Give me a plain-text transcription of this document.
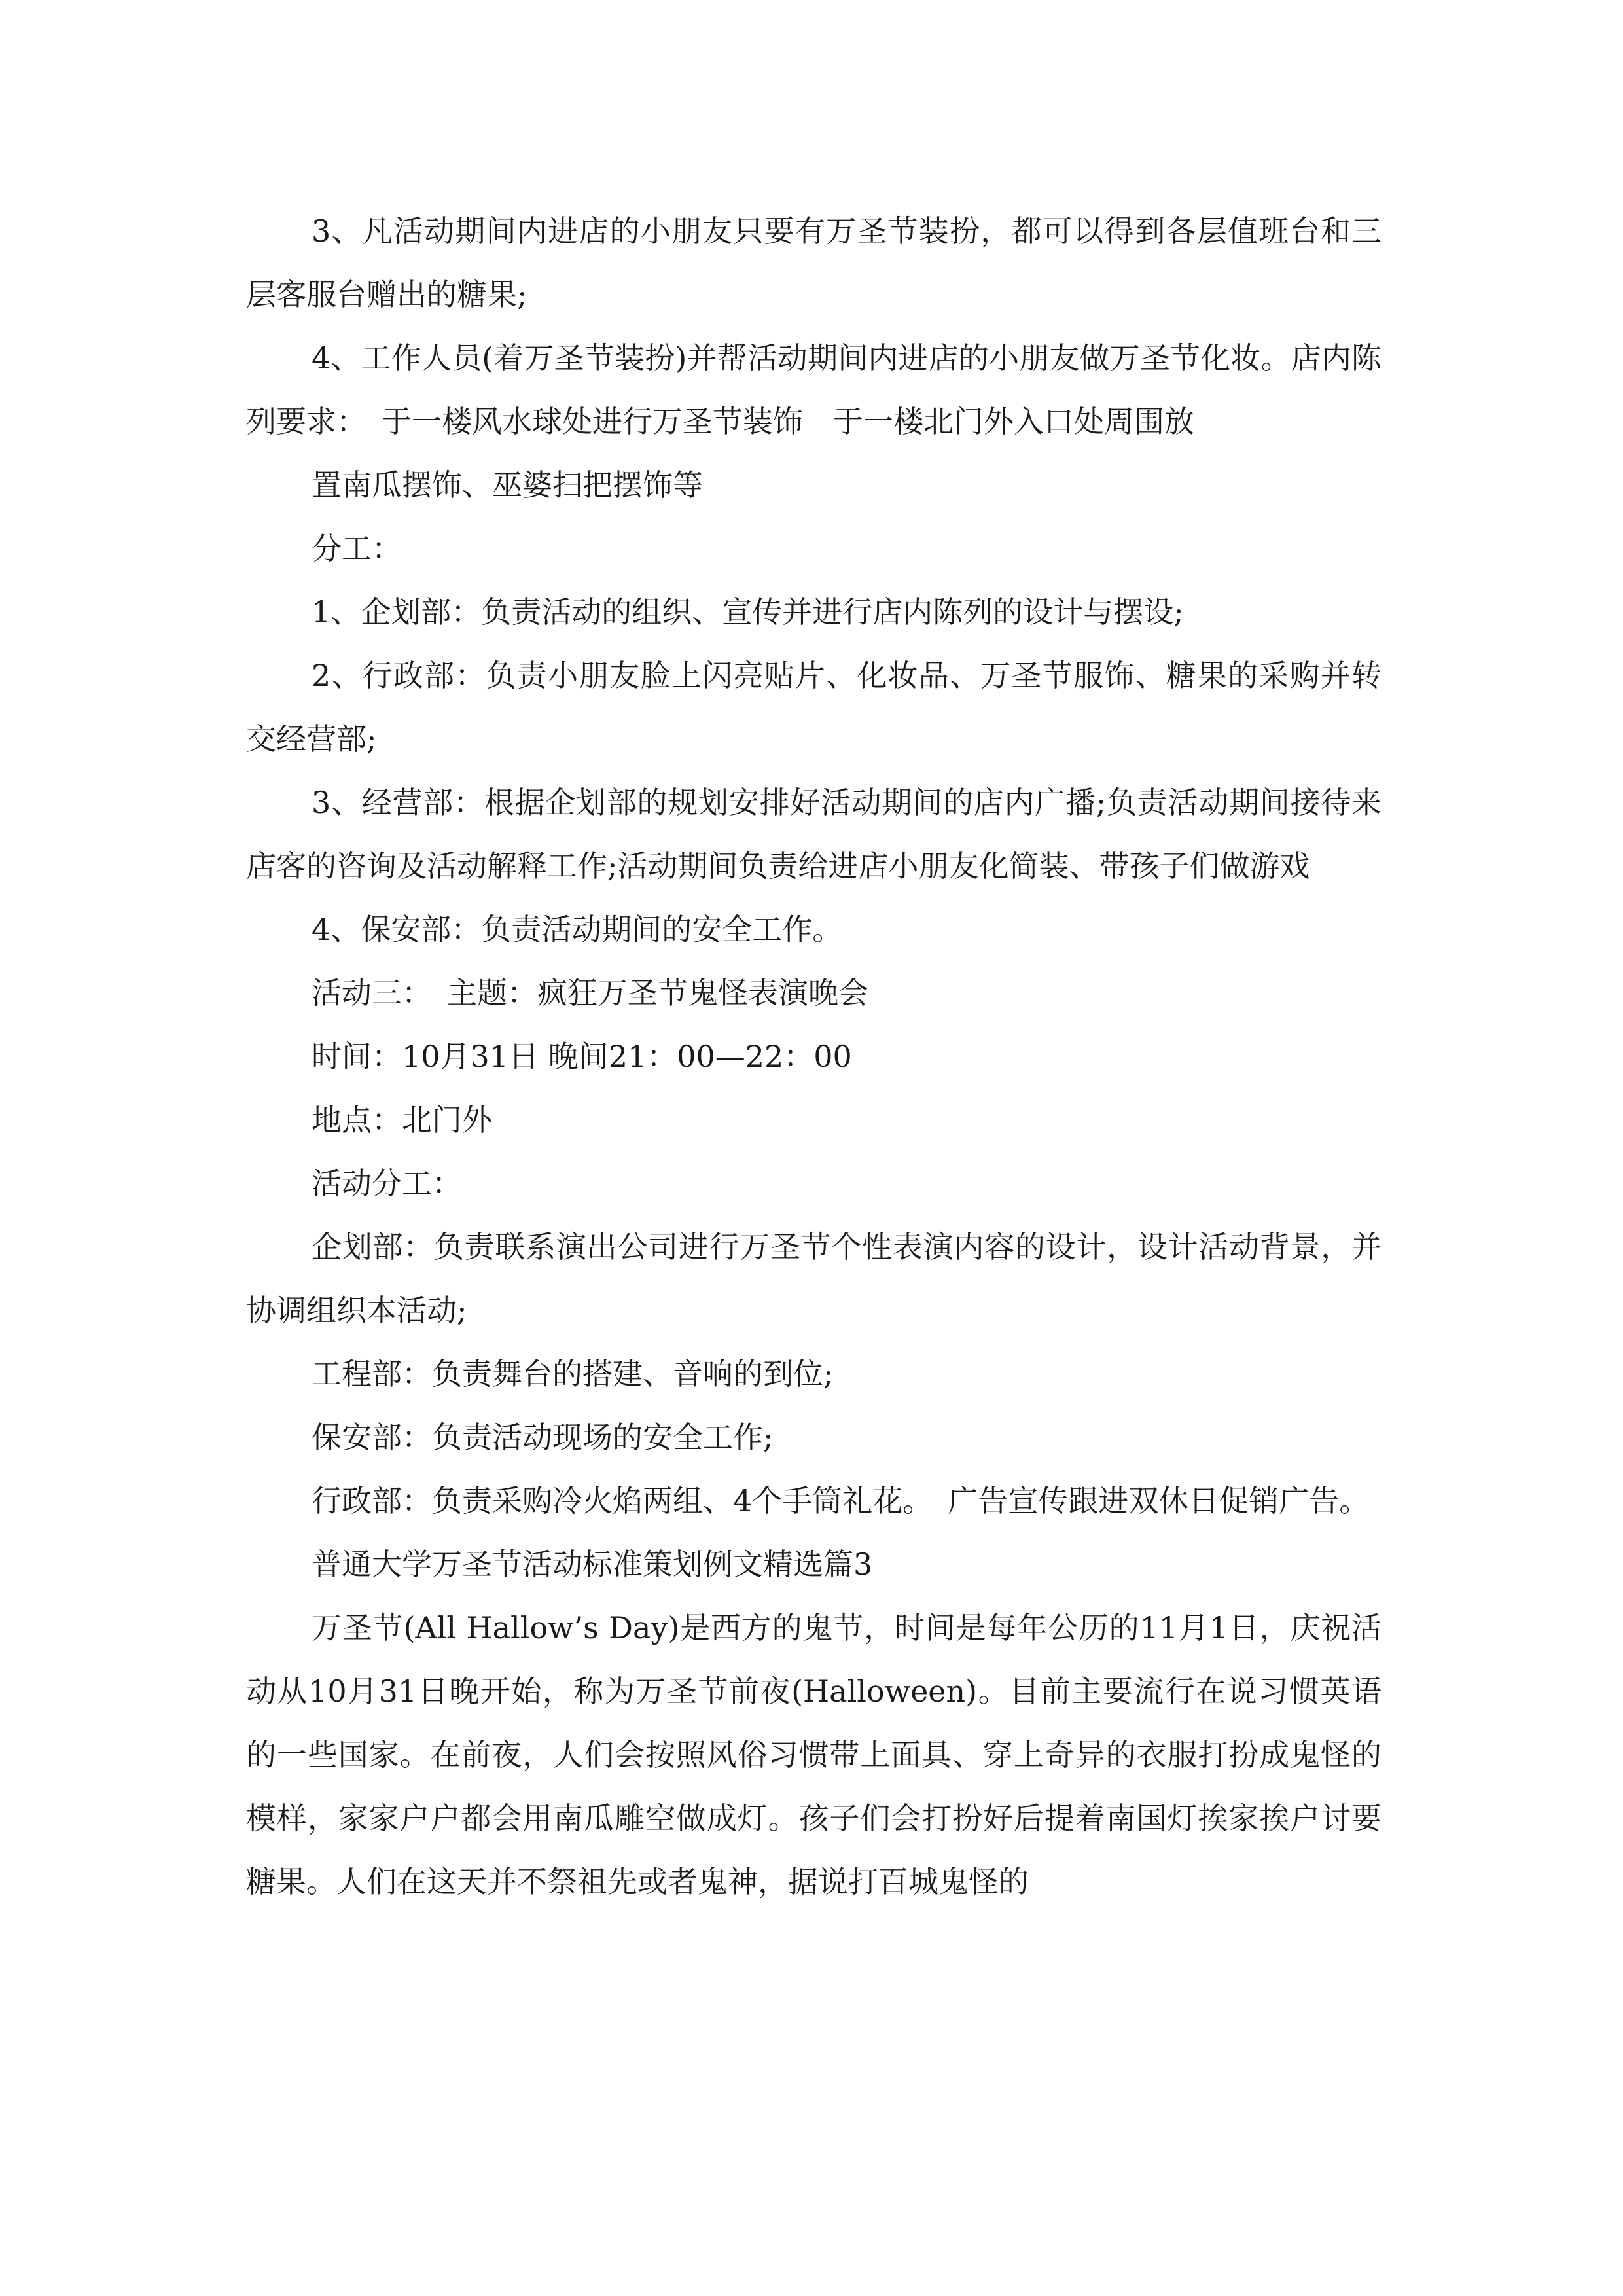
3、凡活动期间内进店的小朋友只要有万圣节装扮，都可以得到各层值班台和三层客服台赠出的糖果;

4、工作人员(着万圣节装扮)并帮活动期间内进店的小朋友做万圣节化妆。店内陈列要求：　于一楼风水球处进行万圣节装饰　于一楼北门外入口处周围放

置南瓜摆饰、巫婆扫把摆饰等

分工：

1、企划部：负责活动的组织、宣传并进行店内陈列的设计与摆设;

2、行政部：负责小朋友脸上闪亮贴片、化妆品、万圣节服饰、糖果的采购并转交经营部;

3、经营部：根据企划部的规划安排好活动期间的店内广播;负责活动期间接待来店客的咨询及活动解释工作;活动期间负责给进店小朋友化简装、带孩子们做游戏

4、保安部：负责活动期间的安全工作。

活动三：　主题：疯狂万圣节鬼怪表演晚会

时间：10月31日 晚间21：00—22：00

地点：北门外

活动分工：

企划部：负责联系演出公司进行万圣节个性表演内容的设计，设计活动背景，并协调组织本活动;

工程部：负责舞台的搭建、音响的到位;

保安部：负责活动现场的安全工作;

行政部：负责采购冷火焰两组、4个手筒礼花。　广告宣传跟进双休日促销广告。

普通大学万圣节活动标准策划例文精选篇3

万圣节(All Hallow’s Day)是西方的鬼节，时间是每年公历的11月1日，庆祝活动从10月31日晚开始，称为万圣节前夜(Halloween)。目前主要流行在说习惯英语的一些国家。在前夜，人们会按照风俗习惯带上面具、穿上奇异的衣服打扮成鬼怪的模样，家家户户都会用南瓜雕空做成灯。孩子们会打扮好后提着南国灯挨家挨户讨要糖果。人们在这天并不祭祖先或者鬼神，据说打百城鬼怪的
